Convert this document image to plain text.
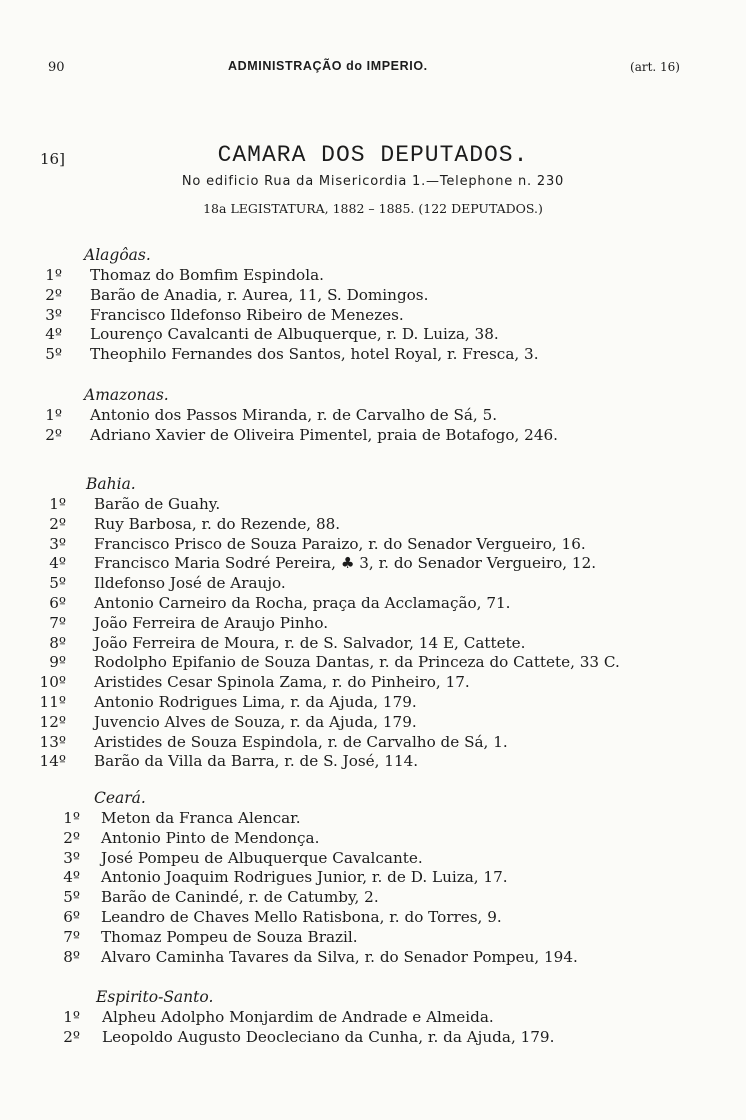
90	ADMINISTRAÇÃO do IMPERIO.	(art. 16)
16]	CAMARA DOS DEPUTADOS.
No edificio Rua da Misericordia 1.—Telephone n. 230
18a LEGISTATURA, 1882 – 1885. (122 DEPUTADOS.)
Alagôas.
1º Thomaz do Bomfim Espindola.
2º Barão de Anadia, r. Aurea, 11, S. Domingos.
3º Francisco Ildefonso Ribeiro de Menezes.
4º Lourenço Cavalcanti de Albuquerque, r. D. Luiza, 38.
5º Theophilo Fernandes dos Santos, hotel Royal, r. Fresca, 3.
Amazonas.
1º Antonio dos Passos Miranda, r. de Carvalho de Sá, 5.
2º Adriano Xavier de Oliveira Pimentel, praia de Botafogo, 246.
Bahia.
1º Barão de Guahy.
2º Ruy Barbosa, r. do Rezende, 88.
3º Francisco Prisco de Souza Paraizo, r. do Senador Vergueiro, 16.
4º Francisco Maria Sodré Pereira, ♣ 3, r. do Senador Vergueiro, 12.
5º Ildefonso José de Araujo.
6º Antonio Carneiro da Rocha, praça da Acclamação, 71.
7º João Ferreira de Araujo Pinho.
8º João Ferreira de Moura, r. de S. Salvador, 14 E, Cattete.
9º Rodolpho Epifanio de Souza Dantas, r. da Princeza do Cattete, 33 C.
10º Aristides Cesar Spinola Zama, r. do Pinheiro, 17.
11º Antonio Rodrigues Lima, r. da Ajuda, 179.
12º Juvencio Alves de Souza, r. da Ajuda, 179.
13º Aristides de Souza Espindola, r. de Carvalho de Sá, 1.
14º Barão da Villa da Barra, r. de S. José, 114.
Ceará.
1º Meton da Franca Alencar.
2º Antonio Pinto de Mendonça.
3º José Pompeu de Albuquerque Cavalcante.
4º Antonio Joaquim Rodrigues Junior, r. de D. Luiza, 17.
5º Barão de Canindé, r. de Catumby, 2.
6º Leandro de Chaves Mello Ratisbona, r. do Torres, 9.
7º Thomaz Pompeu de Souza Brazil.
8º Alvaro Caminha Tavares da Silva, r. do Senador Pompeu, 194.
Espirito-Santo.
1º Alpheu Adolpho Monjardim de Andrade e Almeida.
2º Leopoldo Augusto Deocleciano da Cunha, r. da Ajuda, 179.
